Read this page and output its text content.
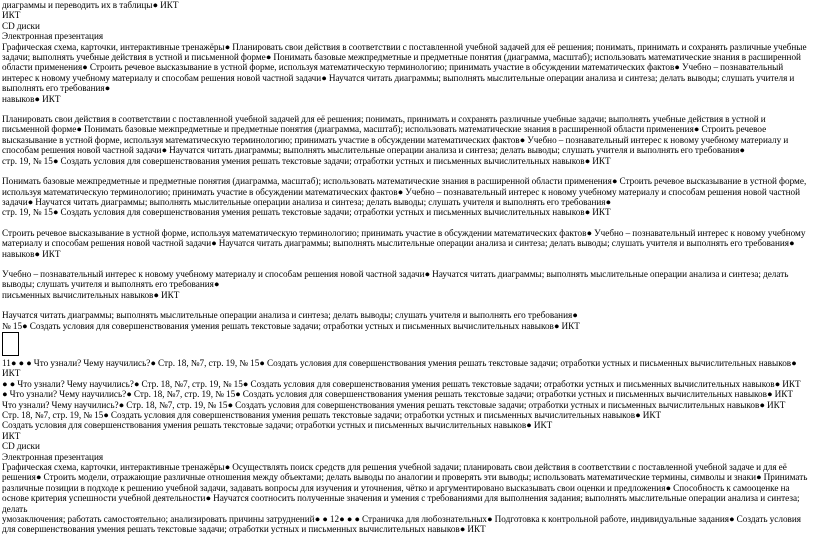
диаграммы и переводить их в таблицы● ИКТ
ИКТ
CD диски
Электронная презентация
Графическая схема, карточки, интерактивные тренажёры● Планировать свои действия в соответствии с поставленной учебной задачей для её решения; понимать, принимать и сохранять различные учебные задачи; выполнять учебные действия в устной и письменной форме● Понимать базовые межпредметные и предметные понятия (диаграмма, масштаб); использовать математические знания в расширенной области применения● Строить речевое высказывание в устной форме, используя математическую терминологию; принимать участие в обсуждении математических фактов● Учебно – познавательный интерес к новому учебному материалу и способам решения новой частной задачи● Научатся читать диаграммы; выполнять мыслительные операции анализа и синтеза; делать выводы; слушать учителя и выполнять его требования●
навыков● ИКТ
Планировать свои действия в соответствии с поставленной учебной задачей для её решения; понимать, принимать и сохранять различные учебные задачи; выполнять учебные действия в устной и письменной форме● Понимать базовые межпредметные и предметные понятия (диаграмма, масштаб); использовать математические знания в расширенной области применения● Строить речевое высказывание в устной форме, используя математическую терминологию; принимать участие в обсуждении математических фактов● Учебно – познавательный интерес к новому учебному материалу и способам решения новой частной задачи● Научатся читать диаграммы; выполнять мыслительные операции анализа и синтеза; делать выводы; слушать учителя и выполнять его требования●
стр. 19, № 15● Создать условия для совершенствования умения решать текстовые задачи; отработки устных и письменных вычислительных навыков● ИКТ
Понимать базовые межпредметные и предметные понятия (диаграмма, масштаб); использовать математические знания в расширенной области применения● Строить речевое высказывание в устной форме, используя математическую терминологию; принимать участие в обсуждении математических фактов● Учебно – познавательный интерес к новому учебному материалу и способам решения новой частной задачи● Научатся читать диаграммы; выполнять мыслительные операции анализа и синтеза; делать выводы; слушать учителя и выполнять его требования●
стр. 19, № 15● Создать условия для совершенствования умения решать текстовые задачи; отработки устных и письменных вычислительных навыков● ИКТ
Строить речевое высказывание в устной форме, используя математическую терминологию; принимать участие в обсуждении математических фактов● Учебно – познавательный интерес к новому учебному материалу и способам решения новой частной задачи● Научатся читать диаграммы; выполнять мыслительные операции анализа и синтеза; делать выводы; слушать учителя и выполнять его требования●
навыков● ИКТ
Учебно – познавательный интерес к новому учебному материалу и способам решения новой частной задачи● Научатся читать диаграммы; выполнять мыслительные операции анализа и синтеза; делать выводы; слушать учителя и выполнять его требования●
письменных вычислительных навыков● ИКТ
Научатся читать диаграммы; выполнять мыслительные операции анализа и синтеза; делать выводы; слушать учителя и выполнять его требования●
№ 15● Создать условия для совершенствования умения решать текстовые задачи; отработки устных и письменных вычислительных навыков● ИКТ
11● ● ● Что узнали? Чему научились?● Стр. 18, №7, стр. 19, № 15● Создать условия для совершенствования умения решать текстовые задачи; отработки устных и письменных вычислительных навыков● ИКТ
● ● Что узнали? Чему научились?● Стр. 18, №7, стр. 19, № 15● Создать условия для совершенствования умения решать текстовые задачи; отработки устных и письменных вычислительных навыков● ИКТ
● Что узнали? Чему научились?● Стр. 18, №7, стр. 19, № 15● Создать условия для совершенствования умения решать текстовые задачи; отработки устных и письменных вычислительных навыков● ИКТ
Что узнали? Чему научились?● Стр. 18, №7, стр. 19, № 15● Создать условия для совершенствования умения решать текстовые задачи; отработки устных и письменных вычислительных навыков● ИКТ
Стр. 18, №7, стр. 19, № 15● Создать условия для совершенствования умения решать текстовые задачи; отработки устных и письменных вычислительных навыков● ИКТ
Создать условия для совершенствования умения решать текстовые задачи; отработки устных и письменных вычислительных навыков● ИКТ
ИКТ
CD диски
Электронная презентация
Графическая схема, карточки, интерактивные тренажёры● Осуществлять поиск средств для решения учебной задачи; планировать свои действия в соответствии с поставленной учебной задаче и для её решения● Строить модели, отражающие различные отношения между объектами; делать выводы по аналогии и проверять эти выводы; использовать математические термины, символы и знаки● Принимать различные позиции в подходе к решению учебной задачи, задавать вопросы для изучения и уточнения, чётко и аргументировано высказывать свои оценки и предложения● Способность к самооценке на основе критерия успешности учебной деятельности● Научатся соотносить полученные значения и умения с требованиями для выполнения задания; выполнять мыслительные операции анализа и синтеза; делать
умозаключения; работать самостоятельно; анализировать причины затруднений● ● 12● ● ● Страничка для любознательных● Подготовка к контрольной работе, индивидуальные задания● Создать условия для совершенствования умения решать текстовые задачи; отработки устных и письменных вычислительных навыков● ИКТ
